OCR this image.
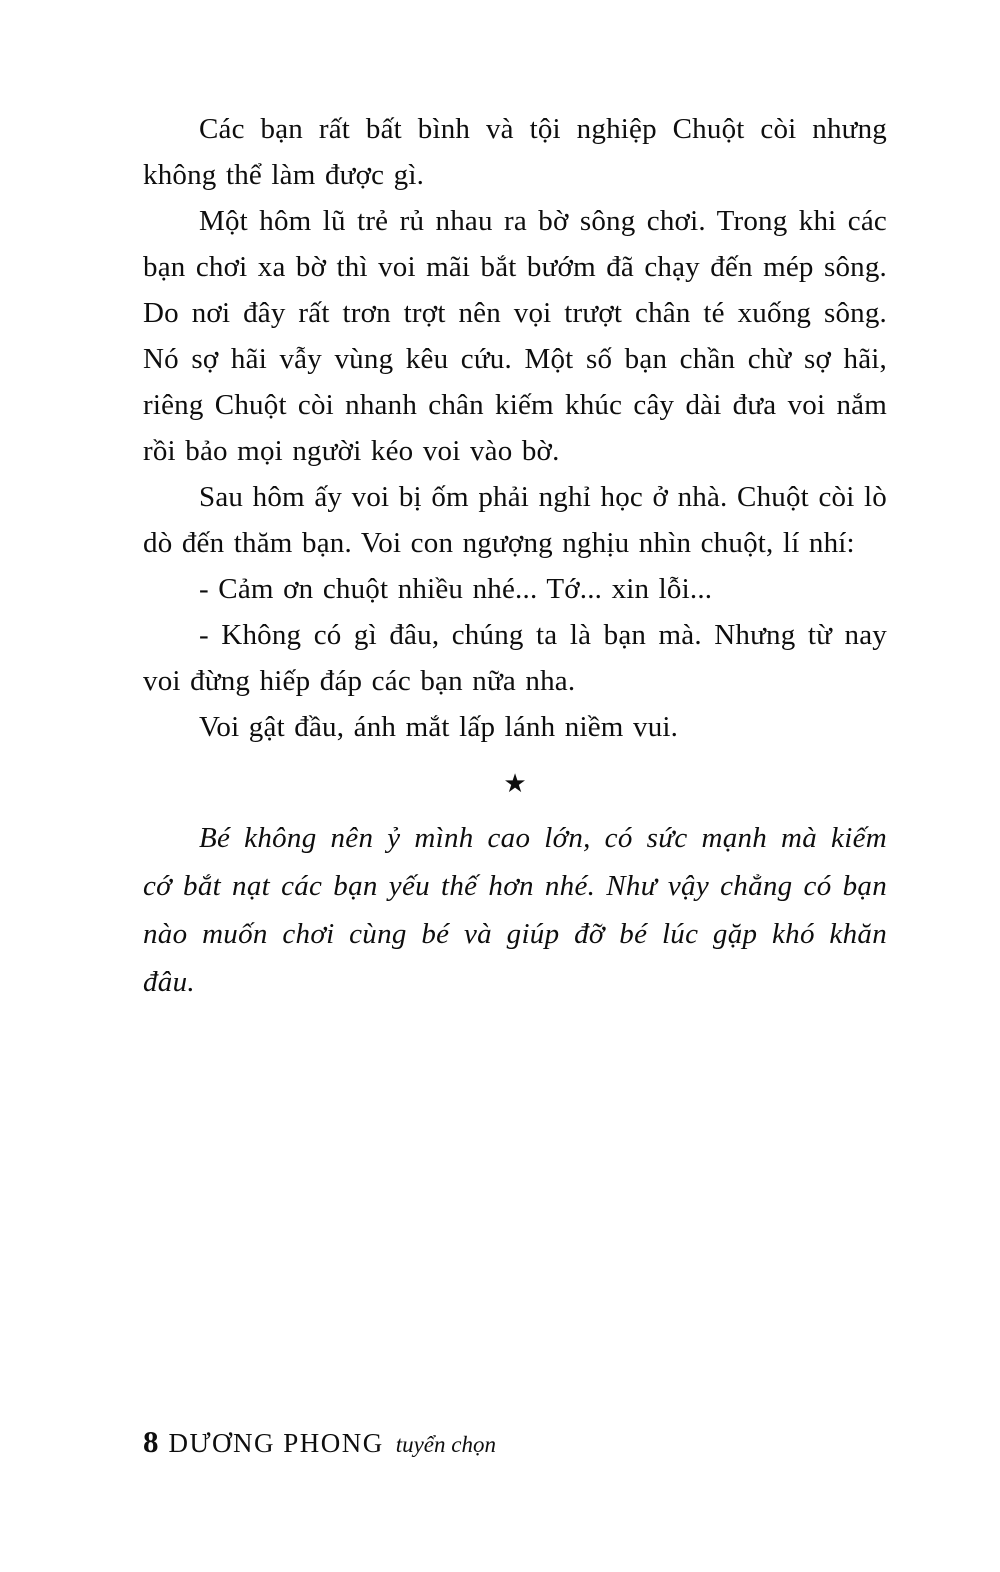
Các bạn rất bất bình và tội nghiệp Chuột còi nhưng không thể làm được gì.

Một hôm lũ trẻ rủ nhau ra bờ sông chơi. Trong khi các bạn chơi xa bờ thì voi mãi bắt bướm đã chạy đến mép sông. Do nơi đây rất trơn trợt nên vọi trượt chân té xuống sông. Nó sợ hãi vẫy vùng kêu cứu. Một số bạn chần chừ sợ hãi, riêng Chuột còi nhanh chân kiếm khúc cây dài đưa voi nắm rồi bảo mọi người kéo voi vào bờ.

Sau hôm ấy voi bị ốm phải nghỉ học ở nhà. Chuột còi lò dò đến thăm bạn. Voi con ngượng nghịu nhìn chuột, lí nhí:

- Cảm ơn chuột nhiều nhé... Tớ... xin lỗi...

- Không có gì đâu, chúng ta là bạn mà. Nhưng từ nay voi đừng hiếp đáp các bạn nữa nha.

Voi gật đầu, ánh mắt lấp lánh niềm vui.

★

Bé không nên ỷ mình cao lớn, có sức mạnh mà kiếm cớ bắt nạt các bạn yếu thế hơn nhé. Như vậy chẳng có bạn nào muốn chơi cùng bé và giúp đỡ bé lúc gặp khó khăn đâu.

8 DƯƠNG PHONG tuyển chọn
